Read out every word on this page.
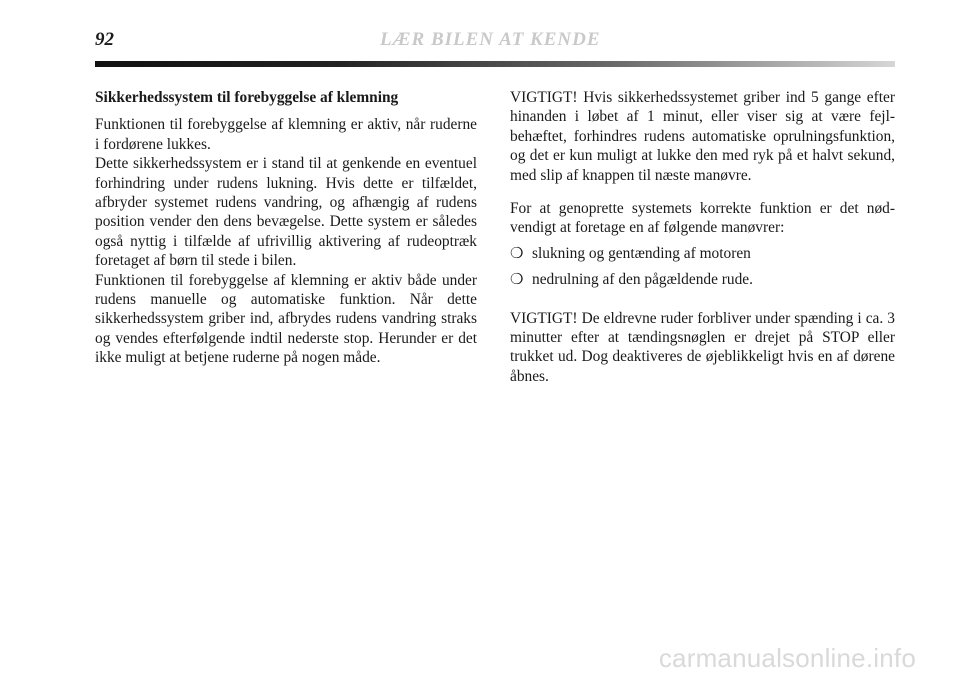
92	LÆR BILEN AT KENDE
Sikkerhedssystem til forebyggelse af klemning

Funktionen til forebyggelse af klemning er aktiv, når ruderne i fordørene lukkes.

Dette sikkerhedssystem er i stand til at genkende en eventuel forhindring under rudens lukning. Hvis dette er tilfældet, afbryder systemet rudens vandring, og afhængig af rudens position vender den dens bevægelse. Dette system er således også nyttig i tilfælde af ufrivillig aktivering af rudeoptræk foretaget af børn til stede i bilen.

Funktionen til forebyggelse af klemning er aktiv både under rudens manuelle og automatiske funktion. Når dette sikkerhedssystem griber ind, afbrydes rudens vandring straks og vendes efterfølgende indtil nederste stop. Herunder er det ikke muligt at betjene ruderne på nogen måde.

VIGTIGT! Hvis sikkerhedssystemet griber ind 5 gange efter hinanden i løbet af 1 minut, eller viser sig at være fejlbehæftet, forhindres rudens automatiske oprulningsfunktion, og det er kun muligt at lukke den med ryk på et halvt sekund, med slip af knappen til næste manøvre.

For at genoprette systemets korrekte funktion er det nødvendigt at foretage en af følgende manøvrer:

❍ slukning og gentænding af motoren
❍ nedrulning af den pågældende rude.

VIGTIGT! De eldrevne ruder forbliver under spænding i ca. 3 minutter efter at tændingsnøglen er drejet på STOP eller trukket ud. Dog deaktiveres de øjeblikkeligt hvis en af dørene åbnes.

carmanualsonline.info
